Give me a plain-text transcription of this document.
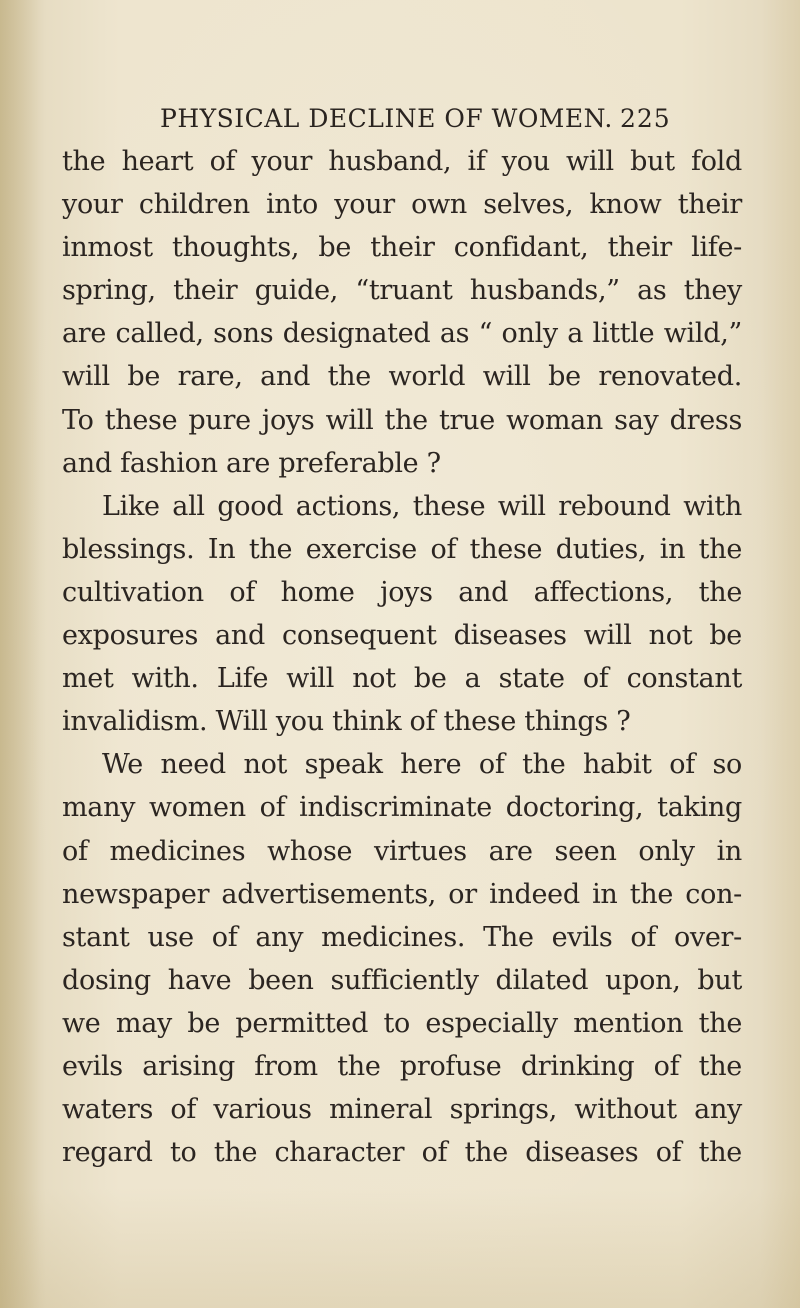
PHYSICAL DECLINE OF WOMEN. 225
the heart of your husband, if you will but fold
your children into your own selves, know their
inmost thoughts, be their confidant, their life-
spring, their guide, “truant husbands,” as they
are called, sons designated as “ only a little wild,”
will be rare, and the world will be renovated.
To these pure joys will the true woman say dress
and fashion are preferable ?
Like all good actions, these will rebound with
blessings. In the exercise of these duties, in the
cultivation of home joys and affections, the
exposures and consequent diseases will not be
met with. Life will not be a state of constant
invalidism. Will you think of these things ?
We need not speak here of the habit of so
many women of indiscriminate doctoring, taking
of medicines whose virtues are seen only in
newspaper advertisements, or indeed in the con-
stant use of any medicines. The evils of over-
dosing have been sufficiently dilated upon, but
we may be permitted to especially mention the
evils arising from the profuse drinking of the
waters of various mineral springs, without any
regard to the character of the diseases of the
